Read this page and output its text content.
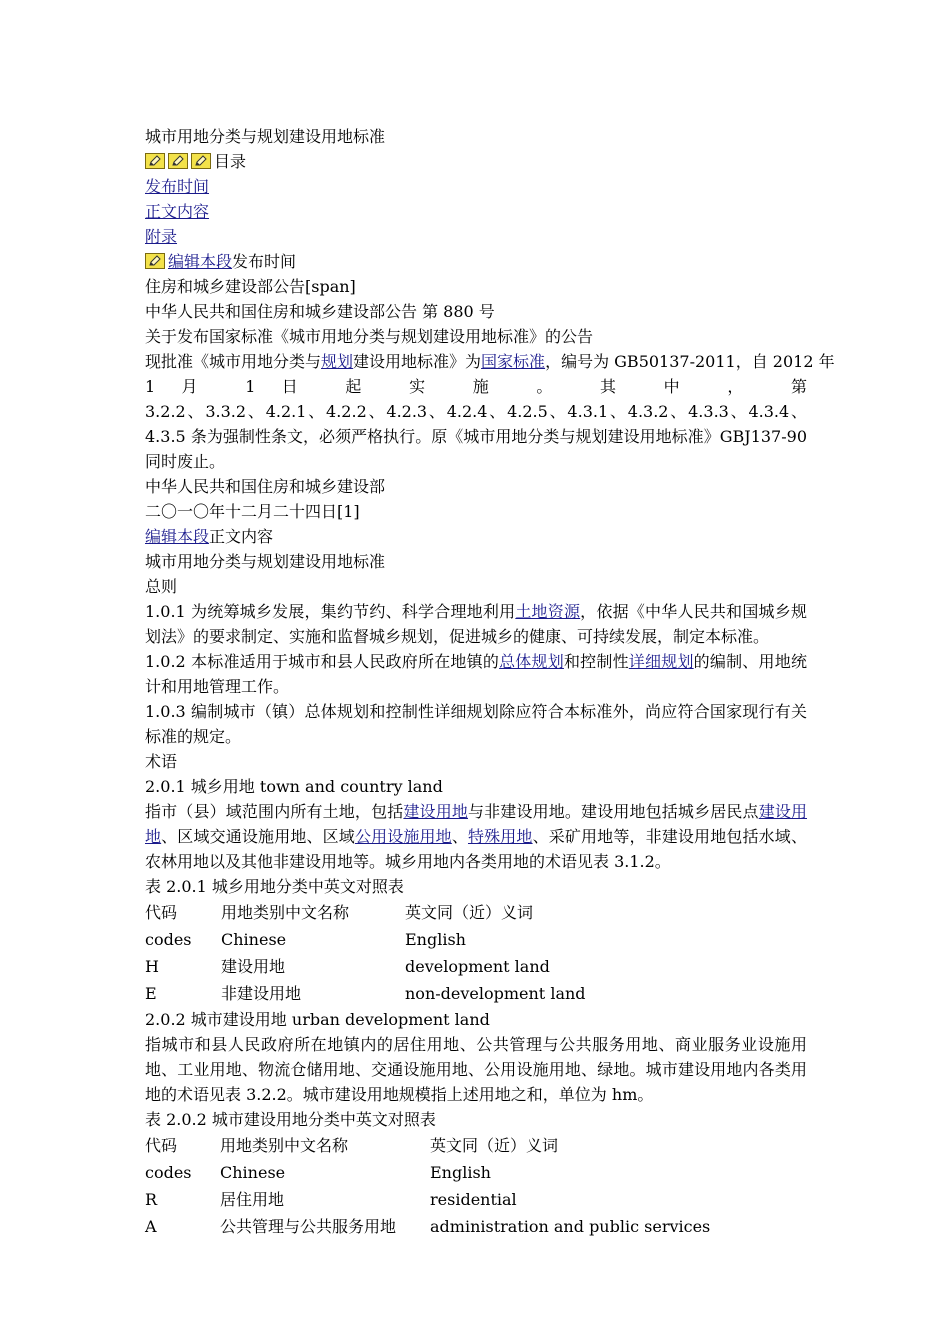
城市用地分类与规划建设用地标准
目录
发布时间
正文内容
附录
编辑本段发布时间
住房和城乡建设部公告[span]
中华人民共和国住房和城乡建设部公告 第 880 号
关于发布国家标准《城市用地分类与规划建设用地标准》的公告
现批准《城市用地分类与规划建设用地标准》为国家标准，编号为 GB50137-2011，自 2012 年
1 月 1 日 起 实 施 。 其 中 ， 第
3.2.2、3.3.2、4.2.1、4.2.2、4.2.3、4.2.4、4.2.5、4.3.1、4.3.2、4.3.3、4.3.4、4.3.5 条为强制性条文，必须严格执行。原《城市用地分类与规划建设用地标准》GBJ137-90 同时废止。
中华人民共和国住房和城乡建设部
二〇一〇年十二月二十四日[1]
编辑本段正文内容
城市用地分类与规划建设用地标准
总则
1.0.1 为统筹城乡发展，集约节约、科学合理地利用土地资源，依据《中华人民共和国城乡规划法》的要求制定、实施和监督城乡规划，促进城乡的健康、可持续发展，制定本标准。
1.0.2 本标准适用于城市和县人民政府所在地镇的总体规划和控制性详细规划的编制、用地统计和用地管理工作。
1.0.3 编制城市（镇）总体规划和控制性详细规划除应符合本标准外，尚应符合国家现行有关标准的规定。
术语
2.0.1 城乡用地 town and country land
指市（县）域范围内所有土地，包括建设用地与非建设用地。建设用地包括城乡居民点建设用地、区域交通设施用地、区域公用设施用地、特殊用地、采矿用地等，非建设用地包括水域、农林用地以及其他非建设用地等。城乡用地内各类用地的术语见表 3.1.2。
表 2.0.1 城乡用地分类中英文对照表
代码	用地类别中文名称	英文同（近）义词
codes	Chinese	English
H	建设用地	development land
E	非建设用地	non-development land
2.0.2 城市建设用地 urban development land
指城市和县人民政府所在地镇内的居住用地、公共管理与公共服务用地、商业服务业设施用地、工业用地、物流仓储用地、交通设施用地、公用设施用地、绿地。城市建设用地内各类用地的术语见表 3.2.2。城市建设用地规模指上述用地之和，单位为 hm。
表 2.0.2 城市建设用地分类中英文对照表
代码	用地类别中文名称	英文同（近）义词
codes	Chinese	English
R	居住用地	residential
A	公共管理与公共服务用地	administration and public services
